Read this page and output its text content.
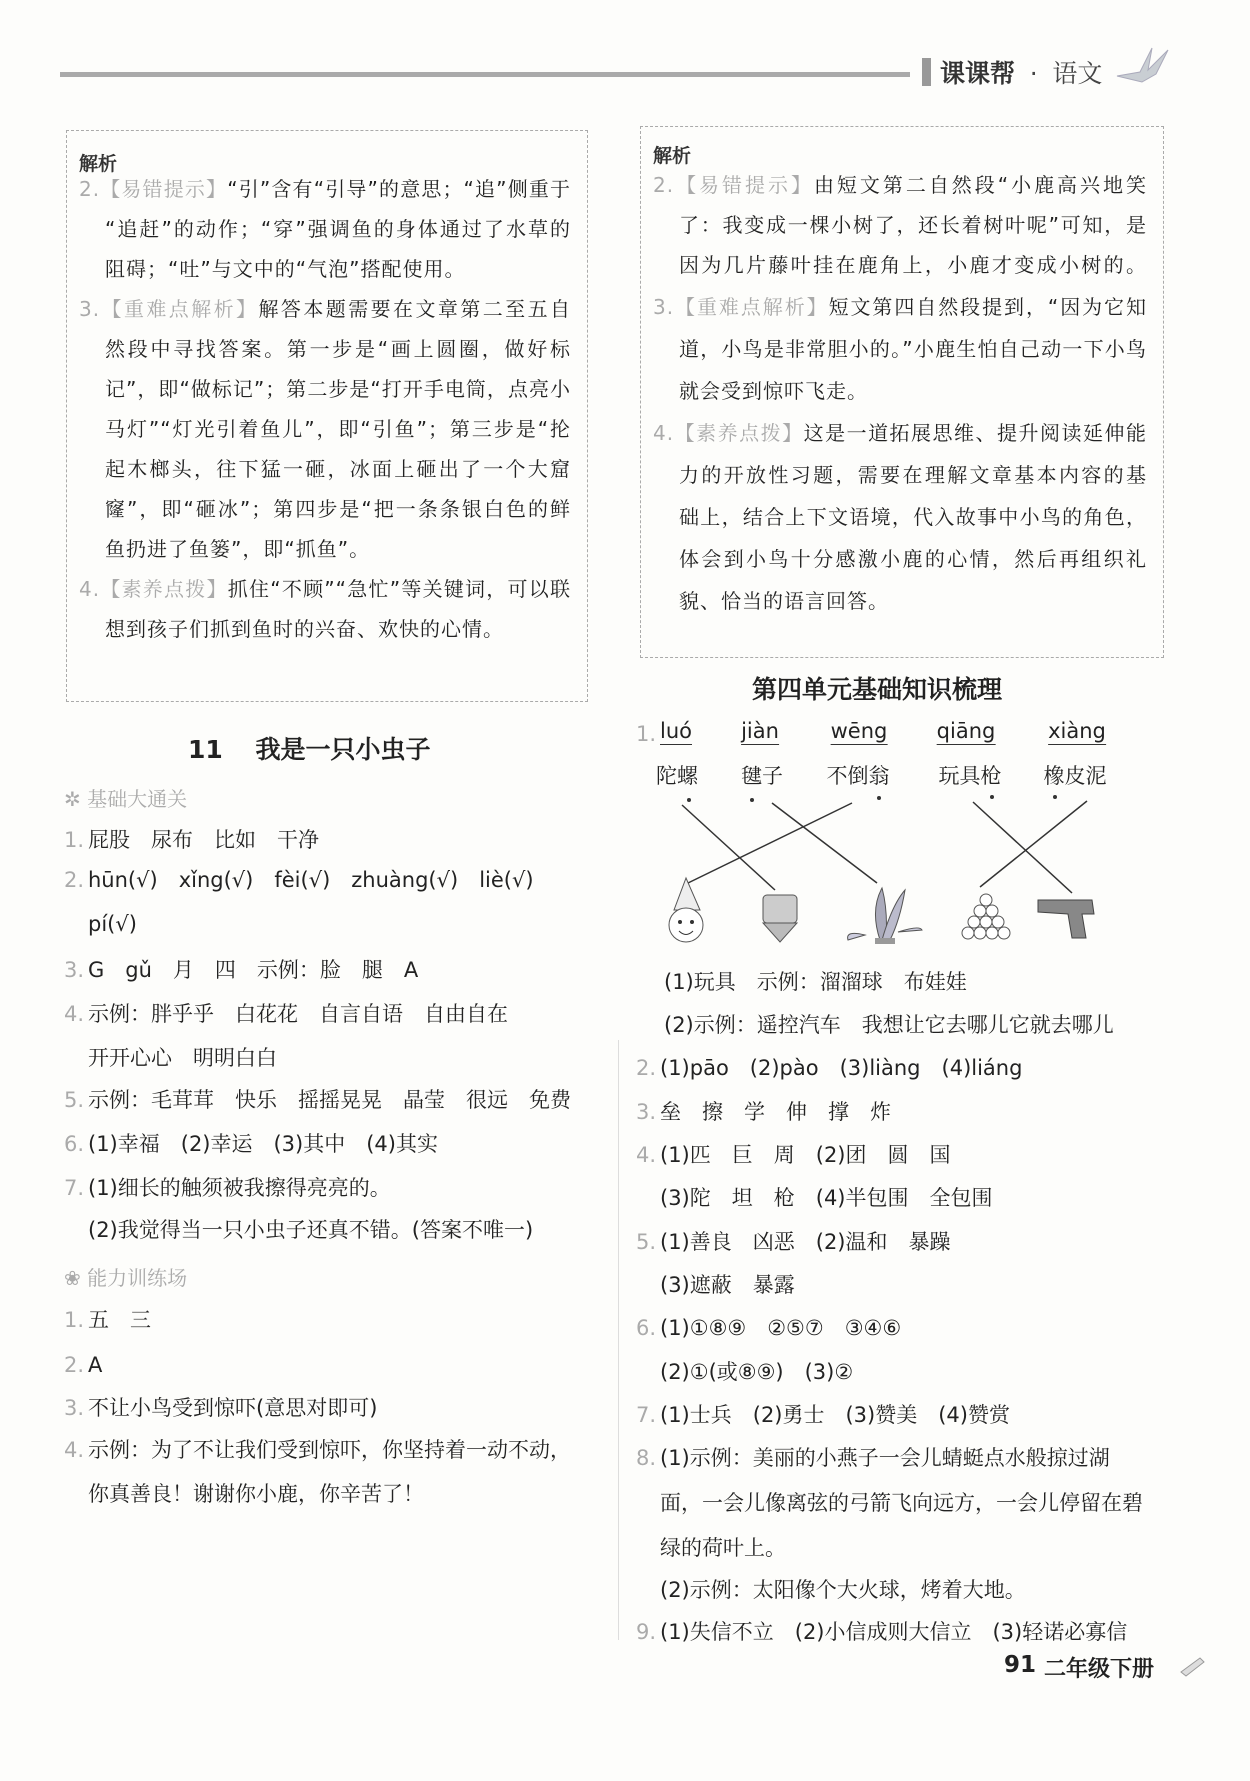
课课帮 · 语文
解析
2.【易错提示】“引”含有“引导”的意思；“追”侧重于
“追赶”的动作；“穿”强调鱼的身体通过了水草的
阻碍；“吐”与文中的“气泡”搭配使用。
3.【重难点解析】解答本题需要在文章第二至五自
然段中寻找答案。第一步是“画上圆圈，做好标
记”，即“做标记”；第二步是“打开手电筒，点亮小
马灯”“灯光引着鱼儿”，即“引鱼”；第三步是“抡
起木榔头，往下猛一砸，冰面上砸出了一个大窟
窿”，即“砸冰”；第四步是“把一条条银白色的鲜
鱼扔进了鱼篓”，即“抓鱼”。
4.【素养点拨】抓住“不顾”“急忙”等关键词，可以联
想到孩子们抓到鱼时的兴奋、欢快的心情。
解析
2.【易错提示】由短文第二自然段“小鹿高兴地笑
了：我变成一棵小树了，还长着树叶呢”可知，是
因为几片藤叶挂在鹿角上，小鹿才变成小树的。
3.【重难点解析】短文第四自然段提到，“因为它知
道，小鸟是非常胆小的。”小鹿生怕自己动一下小鸟
就会受到惊吓飞走。
4.【素养点拨】这是一道拓展思维、提升阅读延伸能
力的开放性习题，需要在理解文章基本内容的基
础上，结合上下文语境，代入故事中小鸟的角色，
体会到小鸟十分感激小鹿的心情，然后再组织礼
貌、恰当的语言回答。
11 我是一只小虫子
✲ 基础大通关
1. 屁股　尿布　比如　干净
2. hūn(√)　xǐng(√)　fèi(√)　zhuàng(√)　liè(√)
pí(√)
3. G　gǔ　月　四　示例：脸　腿　A
4. 示例：胖乎乎　白花花　自言自语　自由自在
开开心心　明明白白
5. 示例：毛茸茸　快乐　摇摇晃晃　晶莹　很远　免费
6. (1)幸福　(2)幸运　(3)其中　(4)其实
7. (1)细长的触须被我擦得亮亮的。
(2)我觉得当一只小虫子还真不错。(答案不唯一)
❀ 能力训练场
1. 五　三
2. A
3. 不让小鸟受到惊吓(意思对即可)
4. 示例：为了不让我们受到惊吓，你坚持着一动不动，
你真善良！谢谢你小鹿，你辛苦了！
第四单元基础知识梳理
1. luó jiàn wēng qiāng	xiàng
陀螺 毽子 不倒翁 玩具枪 橡皮泥
(1)玩具　示例：溜溜球　布娃娃
(2)示例：遥控汽车　我想让它去哪儿它就去哪儿
2. (1)pāo　(2)pào　(3)liàng　(4)liáng
3. 垒　擦　学　伸　撑　炸
4. (1)匹　巨　周　(2)团　圆　国
(3)陀　坦　枪　(4)半包围　全包围
5. (1)善良　凶恶　(2)温和　暴躁
(3)遮蔽　暴露
6. (1)①⑧⑨　②⑤⑦　③④⑥
(2)①(或⑧⑨)　(3)②
7. (1)士兵　(2)勇士　(3)赞美　(4)赞赏
8. (1)示例：美丽的小燕子一会儿蜻蜓点水般掠过湖
面，一会儿像离弦的弓箭飞向远方，一会儿停留在碧
绿的荷叶上。
(2)示例：太阳像个大火球，烤着大地。
9. (1)失信不立　(2)小信成则大信立　(3)轻诺必寡信
91 二年级下册
